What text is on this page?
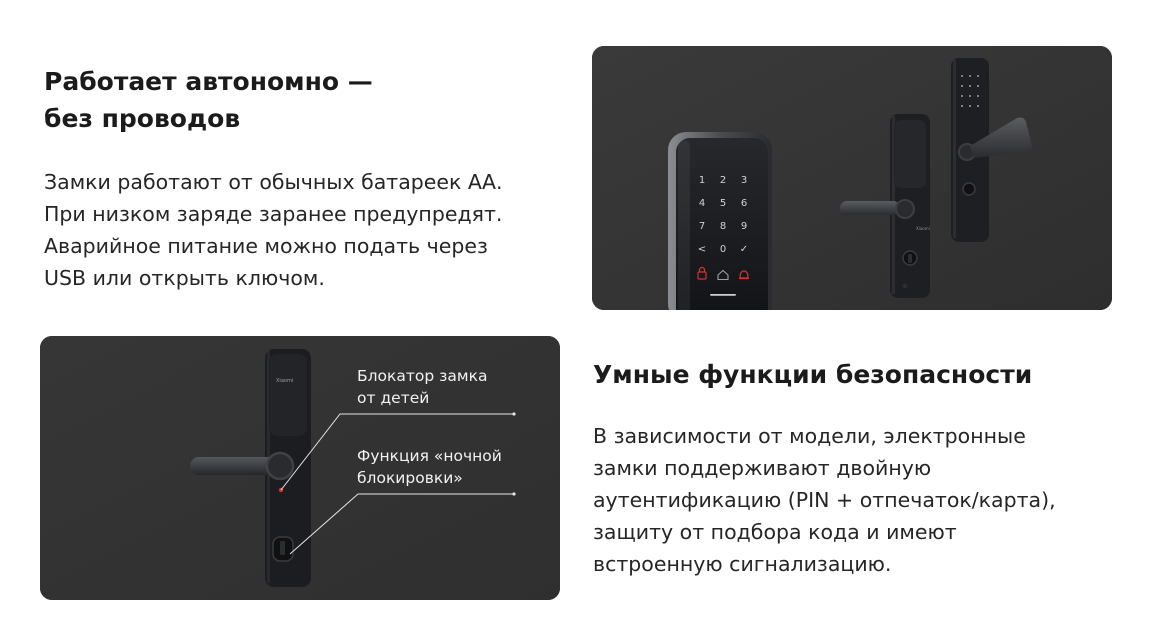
Работает автономно —
без проводов

Замки работают от обычных батареек АА.
При низком заряде заранее предупредят.
Аварийное питание можно подать через
USB или открыть ключом.

1 2 3
4 5 6
7 8 9
< 0 ✓
Xiaomi
Xiaomi	Блокатор замка
от детей

Функция «ночной
блокировки»

Умные функции безопасности

В зависимости от модели, электронные
замки поддерживают двойную
аутентификацию (PIN + отпечаток/карта),
защиту от подбора кода и имеют
встроенную сигнализацию.
